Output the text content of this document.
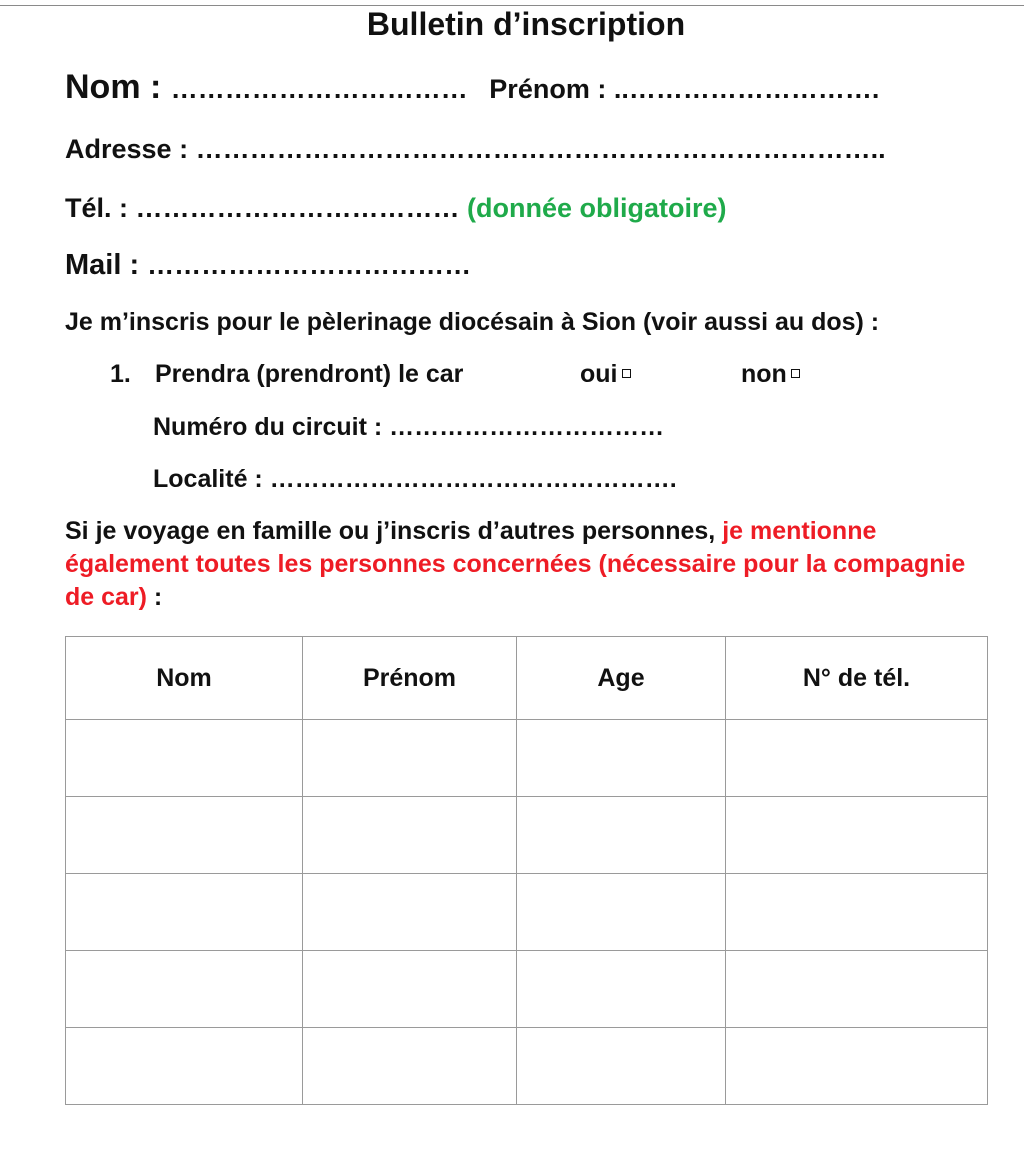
Bulletin d’inscription
Nom : …………………………… Prénom : ..……………………….
Adresse : …………………………………………………………………..
Tél. : ……………………………… (donnée obligatoire)
Mail : ………………………………
Je m’inscris pour le pèlerinage diocésain à Sion (voir aussi au dos) :
1. Prendra (prendront) le car	oui	non
Numéro du circuit : ……………………………
Localité : ………………………………………….
Si je voyage en famille ou j’inscris d’autres personnes, je mentionne également toutes les personnes concernées (nécessaire pour la compagnie de car) :
Nom	Prénom	Age	N° de tél.
